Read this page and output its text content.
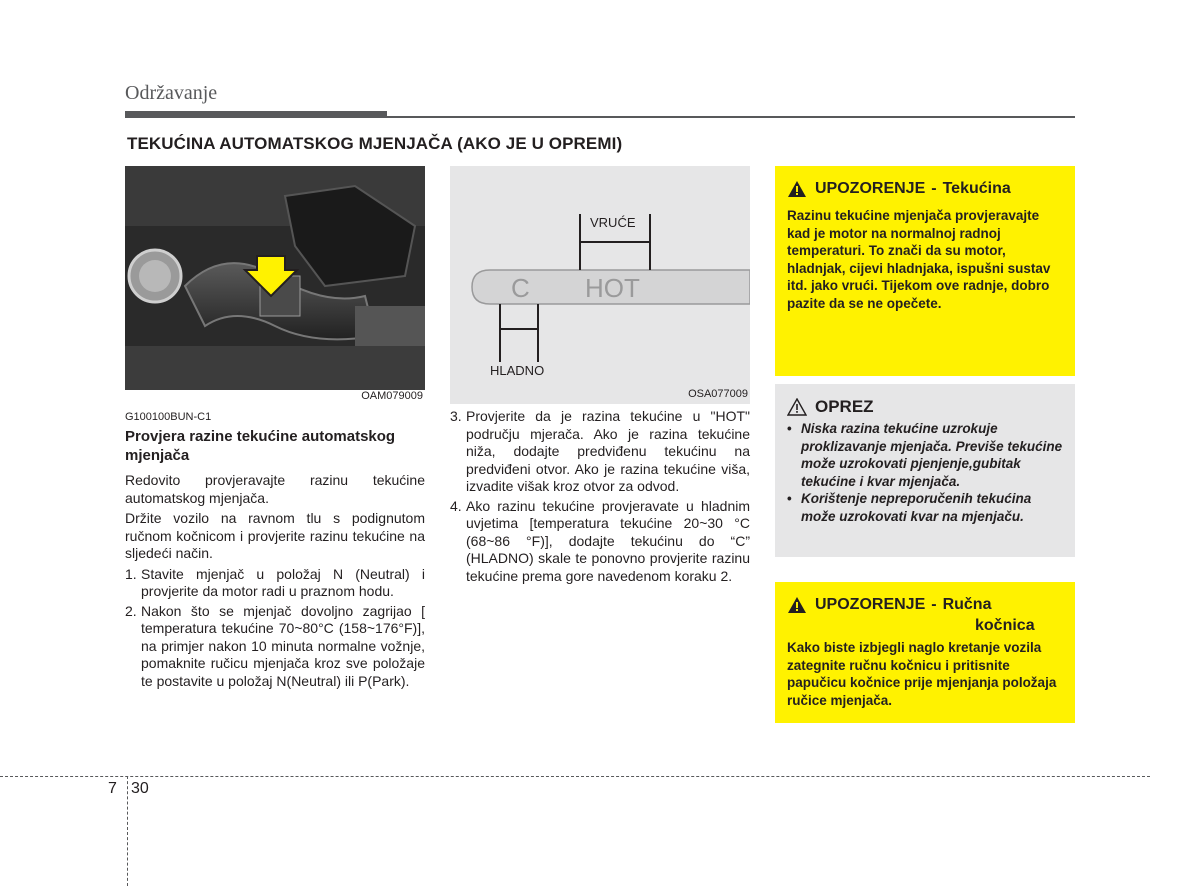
Održavanje
TEKUĆINA AUTOMATSKOG MJENJAČA (AKO JE U OPREMI)
OAM079009
VRUĆE
C HOT
HLADNO
OSA077009
G100100BUN-C1
Provjera razine tekućine automatskog mjenjača

Redovito provjeravajte razinu tekućine automatskog mjenjača.

Držite vozilo na ravnom tlu s podignutom ručnom kočnicom i provjerite razinu tekućine na sljedeći način.

1. Stavite mjenjač u položaj N (Neutral) i provjerite da motor radi u praznom hodu.
2. Nakon što se mjenjač dovoljno zagrijao [ temperatura tekućine 70~80°C (158~176°F)], na primjer nakon 10 minuta normalne vožnje, pomaknite ručicu mjenjača kroz sve položaje te postavite u položaj N(Neutral) ili P(Park).
3. Provjerite da je razina tekućine u "HOT" području mjerača. Ako je razina tekućine niža, dodajte predviđenu tekućinu na predviđeni otvor. Ako je razina tekućine viša, izvadite višak kroz otvor za odvod.
4. Ako razinu tekućine provjeravate u hladnim uvjetima [temperatura tekućine 20~30 °C (68~86 °F)], dodajte tekućinu do “C” (HLADNO) skale te ponovno provjerite razinu tekućine prema gore navedenom koraku 2.
UPOZORENJE - Tekućina
Razinu tekućine mjenjača provjeravajte kad je motor na normalnoj radnoj temperaturi. To znači da su motor, hladnjak, cijevi hladnjaka, ispušni sustav itd. jako vrući. Tijekom ove radnje, dobro pazite da se ne opečete.
OPREZ
• Niska razina tekućine uzrokuje proklizavanje mjenjača. Previše tekućine može uzrokovati pjenjenje,gubitak tekućine i kvar mjenjača.
• Korištenje nepreporučenih tekućina može uzrokovati kvar na mjenjaču.
UPOZORENJE - Ručna
kočnica
Kako biste izbjegli naglo kretanje vozila zategnite ručnu kočnicu i pritisnite papučicu kočnice prije mjenjanja položaja ručice mjenjača.
7 30
